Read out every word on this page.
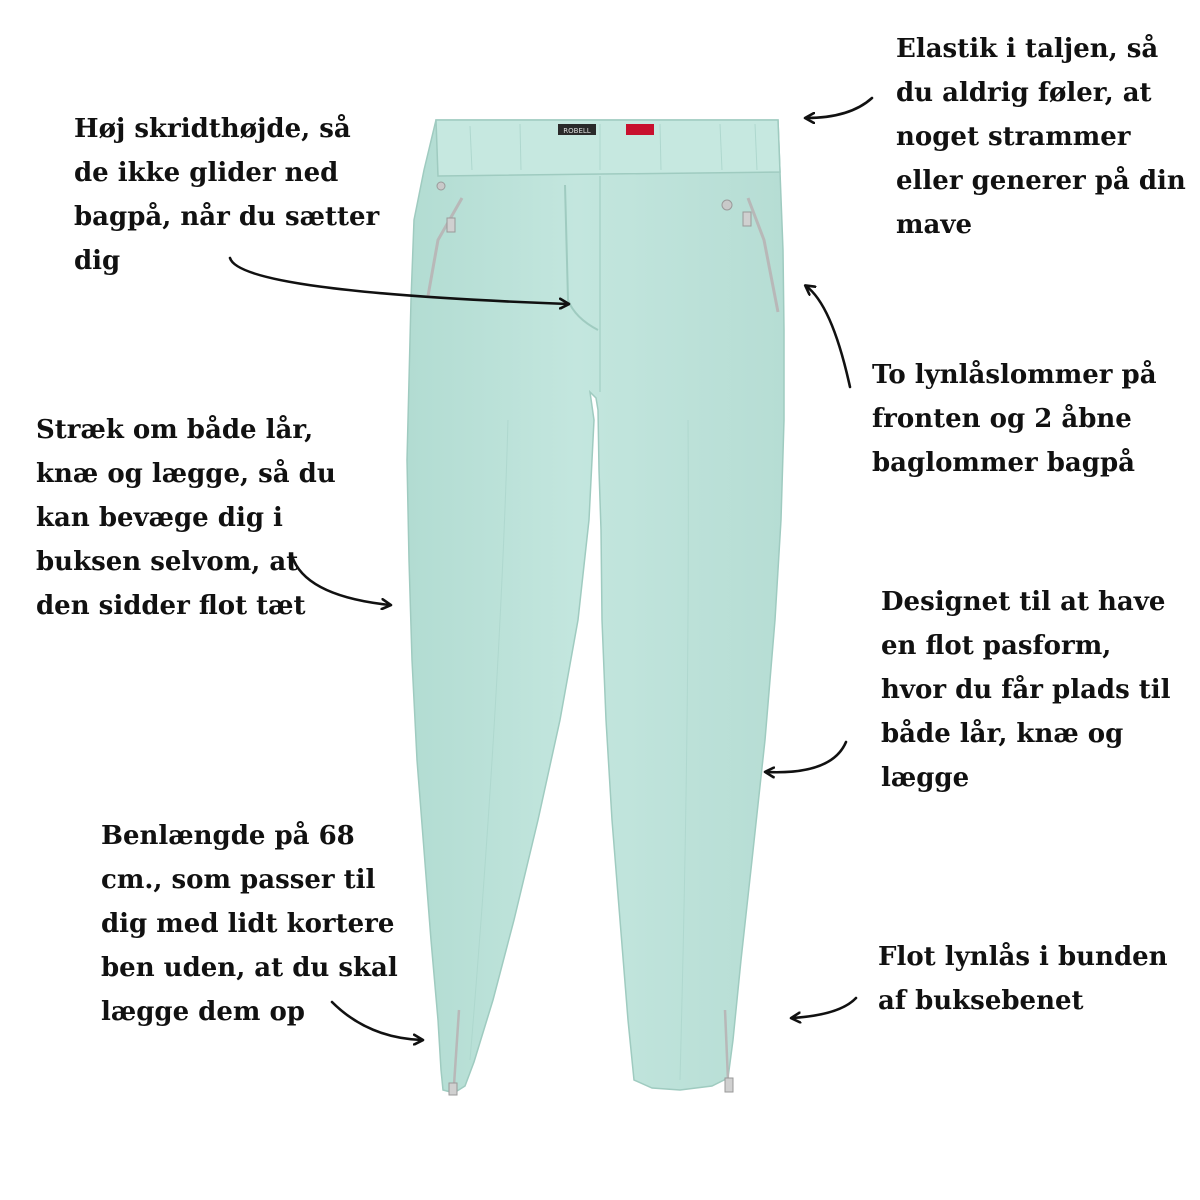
ROBELL
Elastik i taljen, så
du aldrig føler, at
noget strammer
eller generer på din
mave
Høj skridthøjde, så
de ikke glider ned
bagpå, når du sætter
dig
To lynlåslommer på
fronten og 2 åbne
baglommer bagpå
Stræk om både lår,
knæ og lægge, så du
kan bevæge dig i
buksen selvom, at
den sidder flot tæt	Designet til at have
en flot pasform,
hvor du får plads til
både lår, knæ og
lægge
Benlængde på 68
cm., som passer til
dig med lidt kortere
ben uden, at du skal
lægge dem op
Flot lynlås i bunden
af buksebenet
